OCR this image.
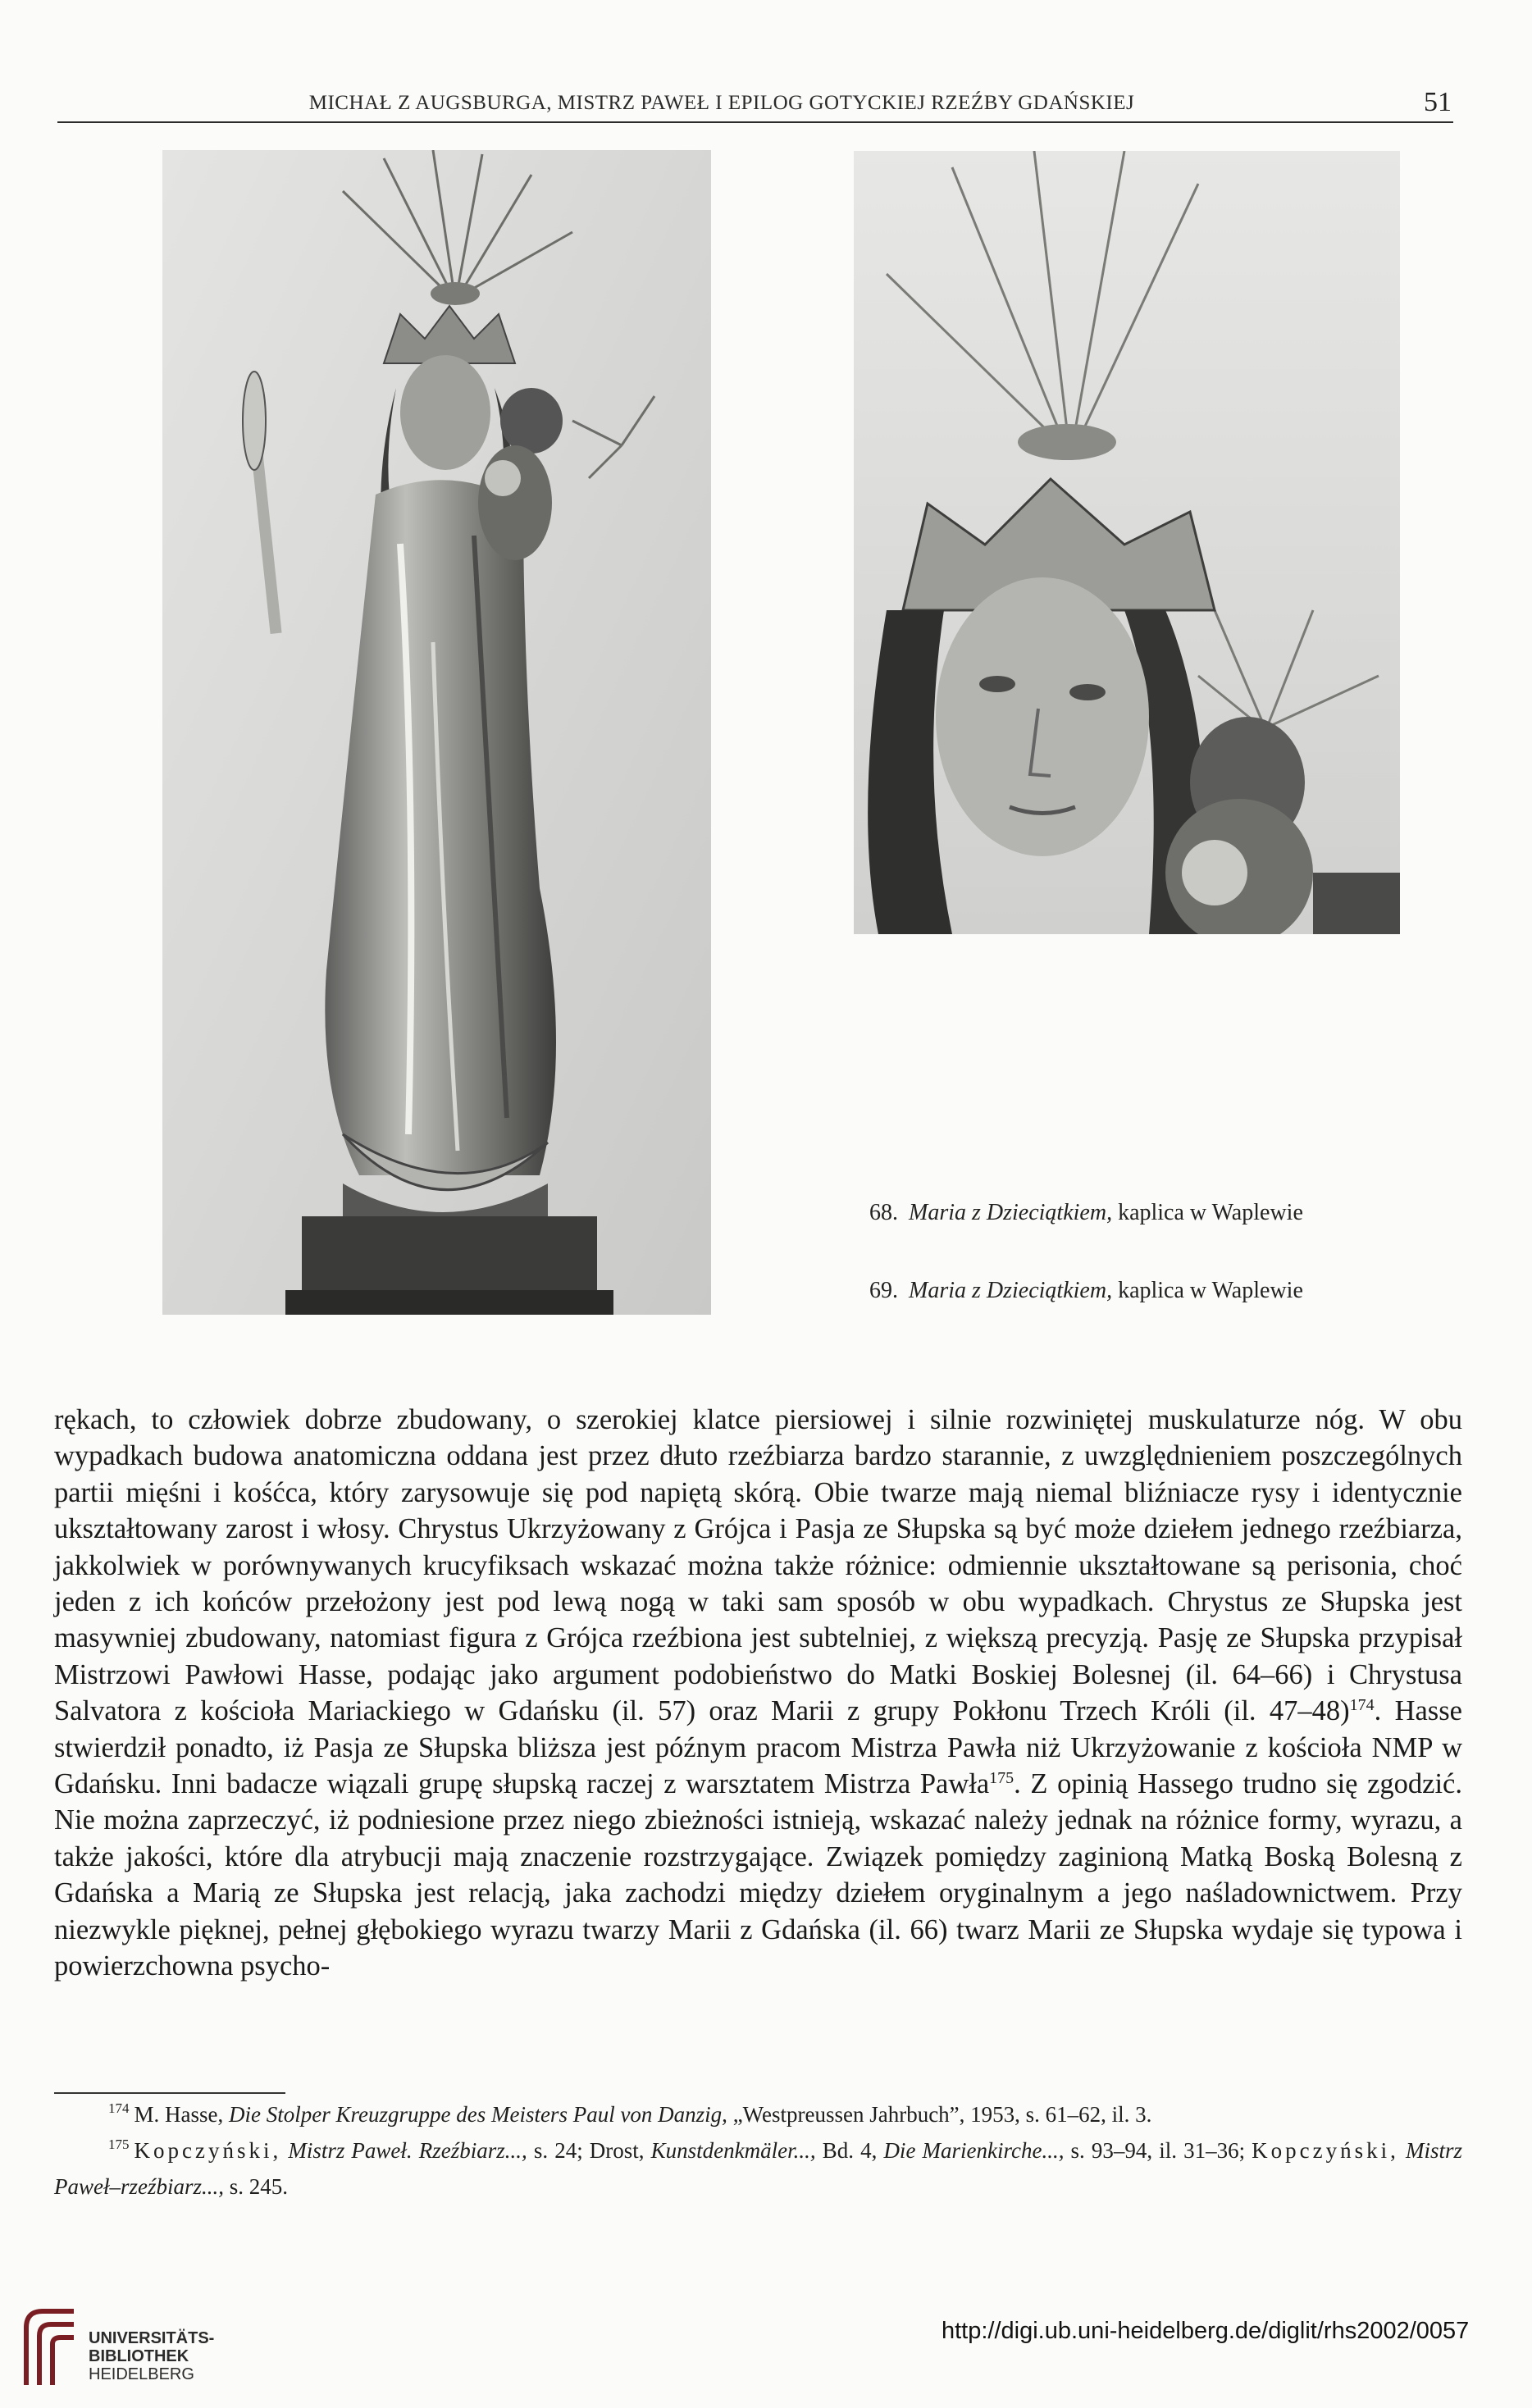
MICHAŁ Z AUGSBURGA, MISTRZ PAWEŁ I EPILOG GOTYCKIEJ RZEŹBY GDAŃSKIEJ	51
68. Maria z Dzieciątkiem, kaplica w Waplewie
69. Maria z Dzieciątkiem, kaplica w Waplewie

rękach, to człowiek dobrze zbudowany, o szerokiej klatce piersiowej i silnie rozwiniętej muskulaturze nóg. W obu wypadkach budowa anatomiczna oddana jest przez dłuto rzeźbiarza bardzo starannie, z uwzględnieniem poszczególnych partii mięśni i kośćca, który zarysowuje się pod napiętą skórą. Obie twarze mają niemal bliźniacze rysy i identycznie ukształtowany zarost i włosy. Chrystus Ukrzyżowany z Grójca i Pasja ze Słupska są być może dziełem jednego rzeźbiarza, jakkolwiek w porównywanych krucyfiksach wskazać można także różnice: odmiennie ukształtowane są perisonia, choć jeden z ich końców przełożony jest pod lewą nogą w taki sam sposób w obu wypadkach. Chrystus ze Słupska jest masywniej zbudowany, natomiast figura z Grójca rzeźbiona jest subtelniej, z większą precyzją. Pasję ze Słupska przypisał Mistrzowi Pawłowi Hasse, podając jako argument podobieństwo do Matki Boskiej Bolesnej (il. 64–66) i Chrystusa Salvatora z kościoła Mariackiego w Gdańsku (il. 57) oraz Marii z grupy Pokłonu Trzech Króli (il. 47–48)$^{174}$. Hasse stwierdził ponadto, iż Pasja ze Słupska bliższa jest późnym pracom Mistrza Pawła niż Ukrzyżowanie z kościoła NMP w Gdańsku. Inni badacze wiązali grupę słupską raczej z warsztatem Mistrza Pawła$^{175}$. Z opinią Hassego trudno się zgodzić. Nie można zaprzeczyć, iż podniesione przez niego zbieżności istnieją, wskazać należy jednak na różnice formy, wyrazu, a także jakości, które dla atrybucji mają znaczenie rozstrzygające. Związek pomiędzy zaginioną Matką Boską Bolesną z Gdańska a Marią ze Słupska jest relacją, jaka zachodzi między dziełem oryginalnym a jego naśladownictwem. Przy niezwykle pięknej, pełnej głębokiego wyrazu twarzy Marii z Gdańska (il. 66) twarz Marii ze Słupska wydaje się typowa i powierzchowna psycho-

$^{174}$ M. Hasse, Die Stolper Kreuzgruppe des Meisters Paul von Danzig, „Westpreussen Jahrbuch”, 1953, s. 61–62, il. 3.

$^{175}$ Kopczyński, Mistrz Paweł. Rzeźbiarz..., s. 24; Drost, Kunstdenkmäler..., Bd. 4, Die Marienkirche..., s. 93–94, il. 31–36; Kopczyński, Mistrz Paweł–rzeźbiarz..., s. 245.

UNIVERSITÄTS-
BIBLIOTHEK
HEIDELBERG
http://digi.ub.uni-heidelberg.de/diglit/rhs2002/0057
